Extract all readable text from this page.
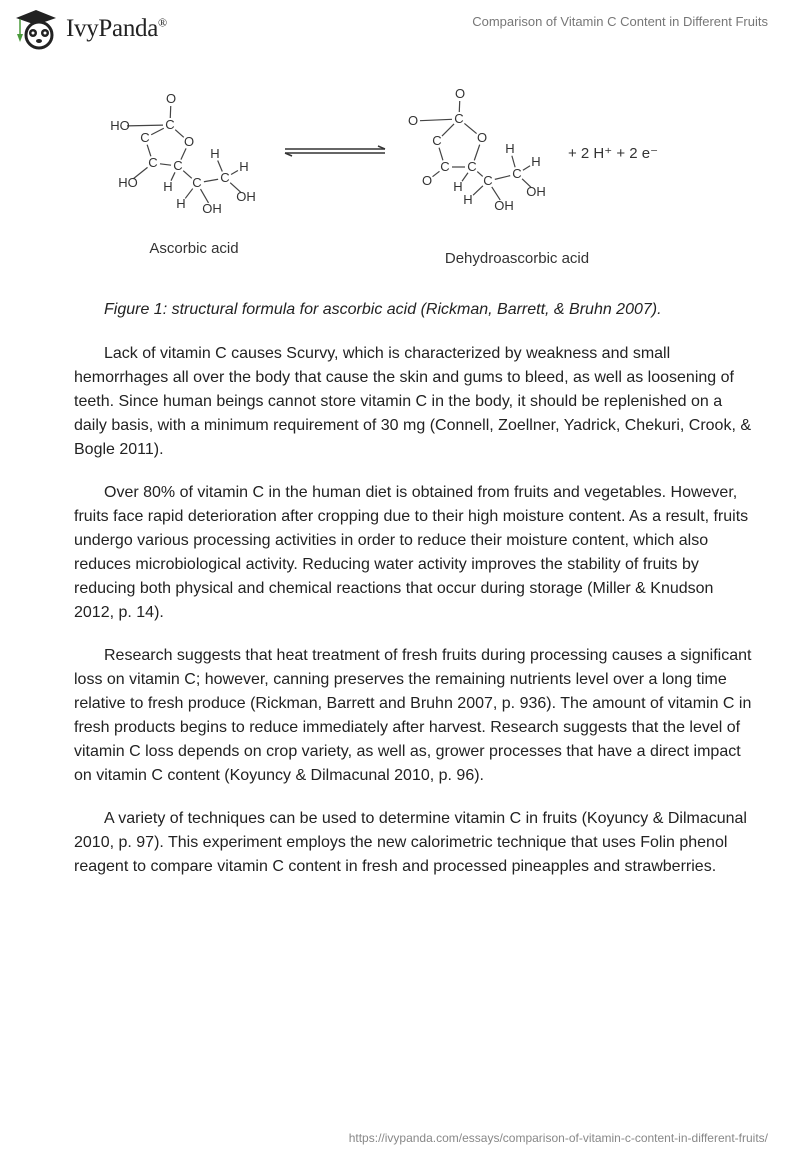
IvyPanda®	Comparison of Vitamin C Content in Different Fruits
O
C
HO
C	O
C C
HO H C
H
H
C
H OH
OH
O
C
O
C	O
C C
O H C
H
H
C
H OH
OH
+ 2 H⁺ + 2 e⁻
Ascorbic acid
Dehydroascorbic acid
Figure 1: structural formula for ascorbic acid (Rickman, Barrett, & Bruhn 2007).

Lack of vitamin C causes Scurvy, which is characterized by weakness and small hemorrhages all over the body that cause the skin and gums to bleed, as well as loosening of teeth. Since human beings cannot store vitamin C in the body, it should be replenished on a daily basis, with a minimum requirement of 30 mg (Connell, Zoellner, Yadrick, Chekuri, Crook, & Bogle 2011).

Over 80% of vitamin C in the human diet is obtained from fruits and vegetables. However, fruits face rapid deterioration after cropping due to their high moisture content. As a result, fruits undergo various processing activities in order to reduce their moisture content, which also reduces microbiological activity. Reducing water activity improves the stability of fruits by reducing both physical and chemical reactions that occur during storage (Miller & Knudson 2012, p. 14).

Research suggests that heat treatment of fresh fruits during processing causes a significant loss on vitamin C; however, canning preserves the remaining nutrients level over a long time relative to fresh produce (Rickman, Barrett and Bruhn 2007, p. 936). The amount of vitamin C in fresh products begins to reduce immediately after harvest. Research suggests that the level of vitamin C loss depends on crop variety, as well as, grower processes that have a direct impact on vitamin C content (Koyuncy & Dilmacunal 2010, p. 96).

A variety of techniques can be used to determine vitamin C in fruits (Koyuncy & Dilmacunal 2010, p. 97). This experiment employs the new calorimetric technique that uses Folin phenol reagent to compare vitamin C content in fresh and processed pineapples and strawberries.

https://ivypanda.com/essays/comparison-of-vitamin-c-content-in-different-fruits/
